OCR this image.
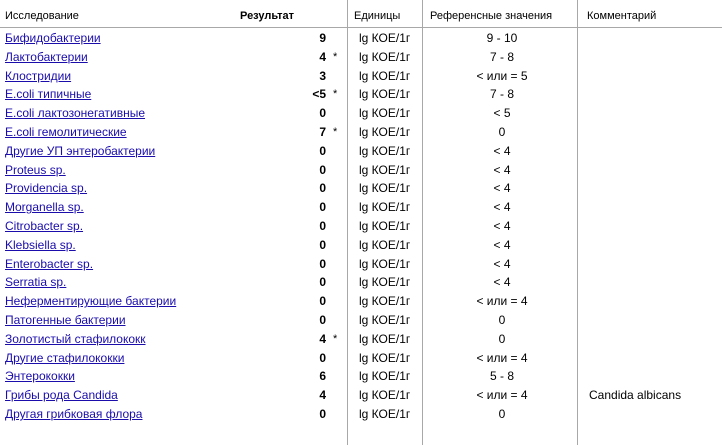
Исследование	Результат	Единицы	Референсные значения	Комментарий
Бифидобактерии	9	lg КОЕ/1г	9 - 10
Лактобактерии	4 * lg КОЕ/1г	7 - 8
Клостридии	3	lg КОЕ/1г	< или = 5
E.coli типичные	<5 * lg КОЕ/1г	7 - 8
E.coli лактозонегативные	0	lg КОЕ/1г	< 5
E.coli гемолитические	7 * lg КОЕ/1г	0
Другие УП энтеробактерии	0	lg КОЕ/1г	< 4
Proteus sp.	0	lg КОЕ/1г	< 4
Providencia sp.	0	lg КОЕ/1г	< 4
Morganella sp.	0	lg КОЕ/1г	< 4
Citrobacter sp.	0	lg КОЕ/1г	< 4
Klebsiella sp.	0	lg КОЕ/1г	< 4
Enterobacter sp.	0	lg КОЕ/1г	< 4
Serratia sp.	0	lg КОЕ/1г	< 4
Неферментирующие бактерии	0	lg КОЕ/1г	< или = 4
Патогенные бактерии	0	lg КОЕ/1г	0
Золотистый стафилококк	4 * lg КОЕ/1г	0
Другие стафилококки	0	lg КОЕ/1г	< или = 4
Энтерококки	6	lg КОЕ/1г	5 - 8
Грибы рода Candida	4	lg КОЕ/1г	< или = 4	Candida albicans
Другая грибковая флора	0	lg КОЕ/1г	0
